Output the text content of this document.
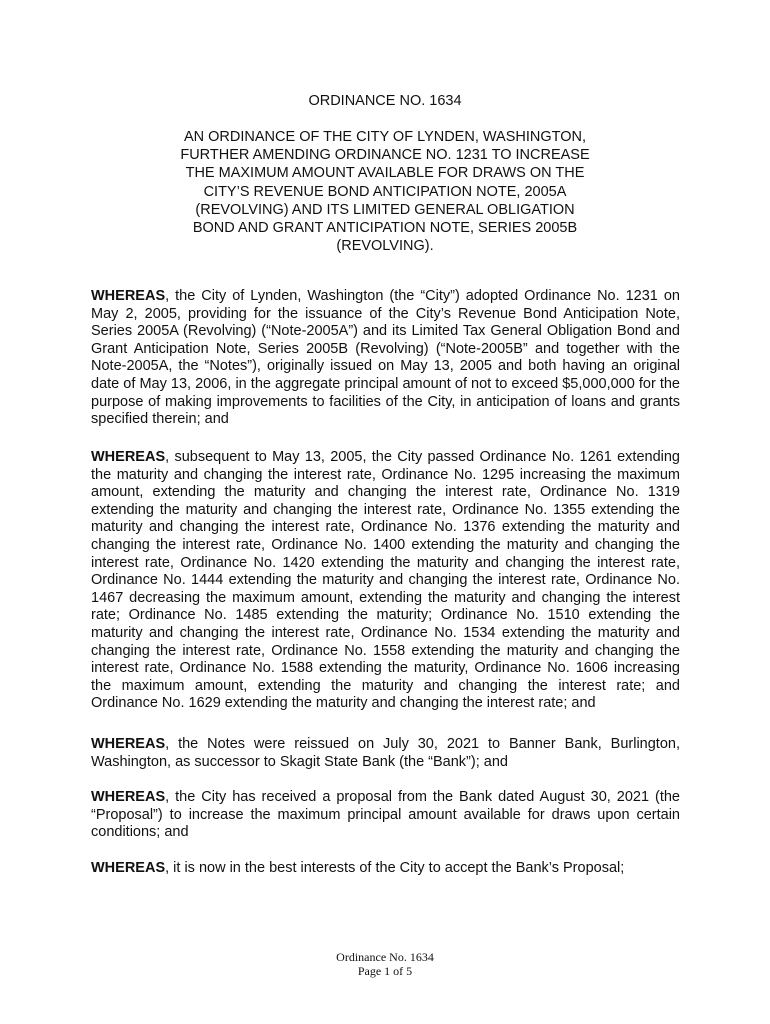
ORDINANCE NO. 1634
AN ORDINANCE OF THE CITY OF LYNDEN, WASHINGTON,
FURTHER AMENDING ORDINANCE NO. 1231 TO INCREASE
THE MAXIMUM AMOUNT AVAILABLE FOR DRAWS ON THE
CITY’S REVENUE BOND ANTICIPATION NOTE, 2005A
(REVOLVING) AND ITS LIMITED GENERAL OBLIGATION
BOND AND GRANT ANTICIPATION NOTE, SERIES 2005B
(REVOLVING).

WHEREAS, the City of Lynden, Washington (the “City”) adopted Ordinance No. 1231 on May 2, 2005, providing for the issuance of the City’s Revenue Bond Anticipation Note, Series 2005A (Revolving) (“Note-2005A”) and its Limited Tax General Obligation Bond and Grant Anticipation Note, Series 2005B (Revolving) (“Note-2005B” and together with the Note-2005A, the “Notes”), originally issued on May 13, 2005 and both having an original date of May 13, 2006, in the aggregate principal amount of not to exceed $5,000,000 for the purpose of making improvements to facilities of the City, in anticipation of loans and grants specified therein; and

WHEREAS, subsequent to May 13, 2005, the City passed Ordinance No. 1261 extending the maturity and changing the interest rate, Ordinance No. 1295 increasing the maximum amount, extending the maturity and changing the interest rate, Ordinance No. 1319 extending the maturity and changing the interest rate, Ordinance No. 1355 extending the maturity and changing the interest rate, Ordinance No. 1376 extending the maturity and changing the interest rate, Ordinance No. 1400 extending the maturity and changing the interest rate, Ordinance No. 1420 extending the maturity and changing the interest rate, Ordinance No. 1444 extending the maturity and changing the interest rate, Ordinance No. 1467 decreasing the maximum amount, extending the maturity and changing the interest rate; Ordinance No. 1485 extending the maturity; Ordinance No. 1510 extending the maturity and changing the interest rate, Ordinance No. 1534 extending the maturity and changing the interest rate, Ordinance No. 1558 extending the maturity and changing the interest rate, Ordinance No. 1588 extending the maturity, Ordinance No. 1606 increasing the maximum amount, extending the maturity and changing the interest rate; and Ordinance No. 1629 extending the maturity and changing the interest rate; and

WHEREAS, the Notes were reissued on July 30, 2021 to Banner Bank, Burlington, Washington, as successor to Skagit State Bank (the “Bank”); and

WHEREAS, the City has received a proposal from the Bank dated August 30, 2021 (the “Proposal”) to increase the maximum principal amount available for draws upon certain conditions; and

WHEREAS, it is now in the best interests of the City to accept the Bank’s Proposal;

Ordinance No. 1634
Page 1 of 5
